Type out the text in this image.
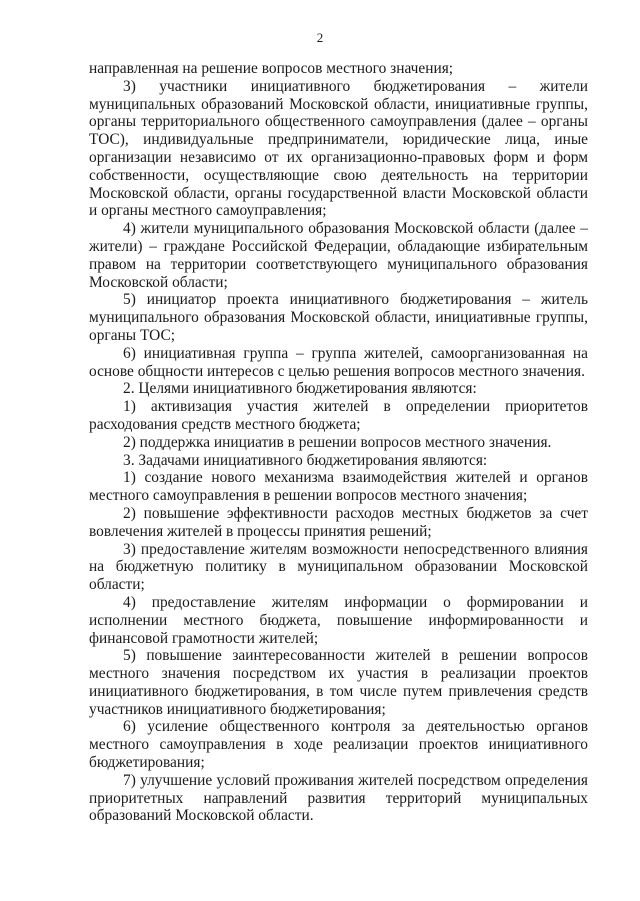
2

направленная на решение вопросов местного значения;

3) участники инициативного бюджетирования – жители муниципальных образований Московской области, инициативные группы, органы территориального общественного самоуправления (далее – органы ТОС), индивидуальные предприниматели, юридические лица, иные организации независимо от их организационно-правовых форм и форм собственности, осуществляющие свою деятельность на территории Московской области, органы государственной власти Московской области и органы местного самоуправления;

4) жители муниципального образования Московской области (далее – жители) – граждане Российской Федерации, обладающие избирательным правом на территории соответствующего муниципального образования Московской области;

5) инициатор проекта инициативного бюджетирования – житель муниципального образования Московской области, инициативные группы, органы ТОС;

6) инициативная группа – группа жителей, самоорганизованная на основе общности интересов с целью решения вопросов местного значения.

2. Целями инициативного бюджетирования являются:

1) активизация участия жителей в определении приоритетов расходования средств местного бюджета;

2) поддержка инициатив в решении вопросов местного значения.

3. Задачами инициативного бюджетирования являются:

1) создание нового механизма взаимодействия жителей и органов местного самоуправления в решении вопросов местного значения;

2) повышение эффективности расходов местных бюджетов за счет вовлечения жителей в процессы принятия решений;

3) предоставление жителям возможности непосредственного влияния на бюджетную политику в муниципальном образовании Московской области;

4) предоставление жителям информации о формировании и исполнении местного бюджета, повышение информированности и финансовой грамотности жителей;

5) повышение заинтересованности жителей в решении вопросов местного значения посредством их участия в реализации проектов инициативного бюджетирования, в том числе путем привлечения средств участников инициативного бюджетирования;

6) усиление общественного контроля за деятельностью органов местного самоуправления в ходе реализации проектов инициативного бюджетирования;

7) улучшение условий проживания жителей посредством определения приоритетных направлений развития территорий муниципальных образований Московской области.
